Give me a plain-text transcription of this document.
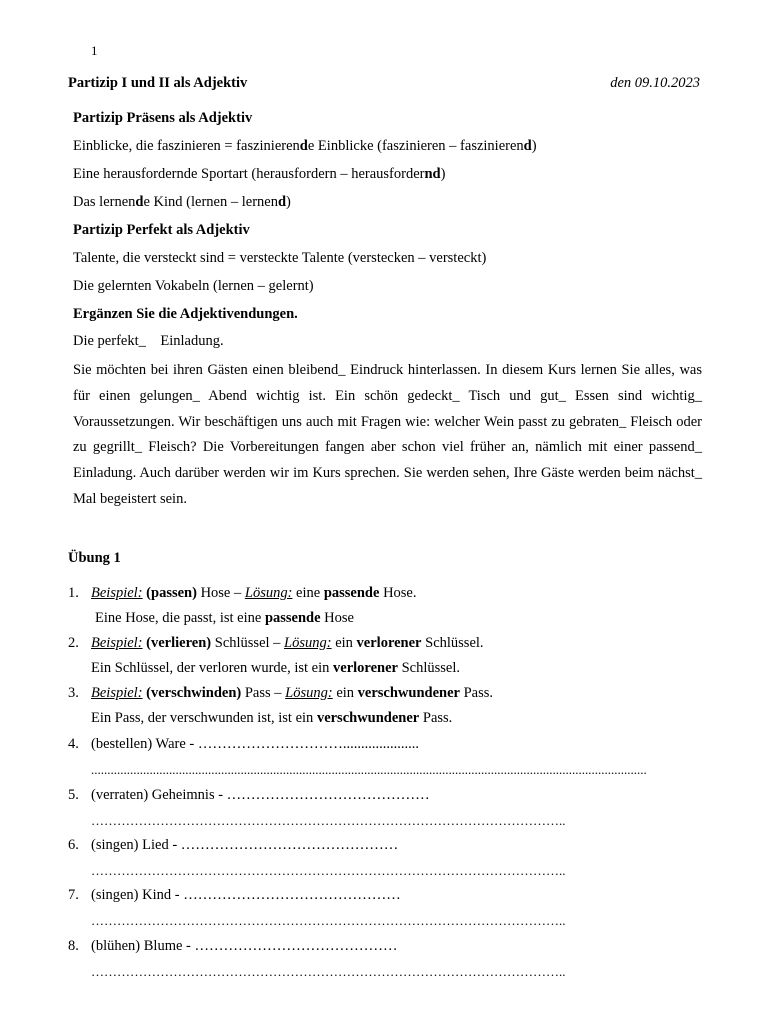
1
Partizip I und II als Adjektiv	den 09.10.2023
Partizip Präsens als Adjektiv
Einblicke, die faszinieren = faszinierende Einblicke (faszinieren – faszinierend)
Eine herausfordernde Sportart (herausfordern – herausfordernd)
Das lernende Kind (lernen – lernend)
Partizip Perfekt als Adjektiv
Talente, die versteckt sind = versteckte Talente (verstecken – versteckt)
Die gelernten Vokabeln (lernen – gelernt)
Ergänzen Sie die Adjektivendungen.
Die perfekt_    Einladung.
Sie möchten bei ihren Gästen einen bleibend_ Eindruck hinterlassen. In diesem Kurs lernen Sie alles, was für einen gelungen_ Abend wichtig ist. Ein schön gedeckt_ Tisch und gut_ Essen sind wichtig_ Voraussetzungen. Wir beschäftigen uns auch mit Fragen wie: welcher Wein passt zu gebraten_ Fleisch oder zu gegrillt_ Fleisch? Die Vorbereitungen fangen aber schon viel früher an, nämlich mit einer passend_ Einladung. Auch darüber werden wir im Kurs sprechen. Sie werden sehen, Ihre Gäste werden beim nächst_ Mal begeistert sein.
Übung 1
1. Beispiel: (passen) Hose – Lösung: eine passende Hose.
Eine Hose, die passt, ist eine passende Hose
2. Beispiel: (verlieren) Schlüssel – Lösung: ein verlorener Schlüssel.
Ein Schlüssel, der verloren wurde, ist ein verlorener Schlüssel.
3. Beispiel: (verschwinden) Pass – Lösung: ein verschwundener Pass.
Ein Pass, der verschwunden ist, ist ein verschwundener Pass.
4. (bestellen) Ware - ………………………….....................
...........................................................................................................................................................................
5. (verraten) Geheimnis - ……………………………………
………………………………………………………………………………………………..
6. (singen) Lied - ………………………………………
………………………………………………………………………………………………..
7. (singen) Kind - ………………………………………
………………………………………………………………………………………………..
8. (blühen) Blume - ……………………………………
………………………………………………………………………………………………..
